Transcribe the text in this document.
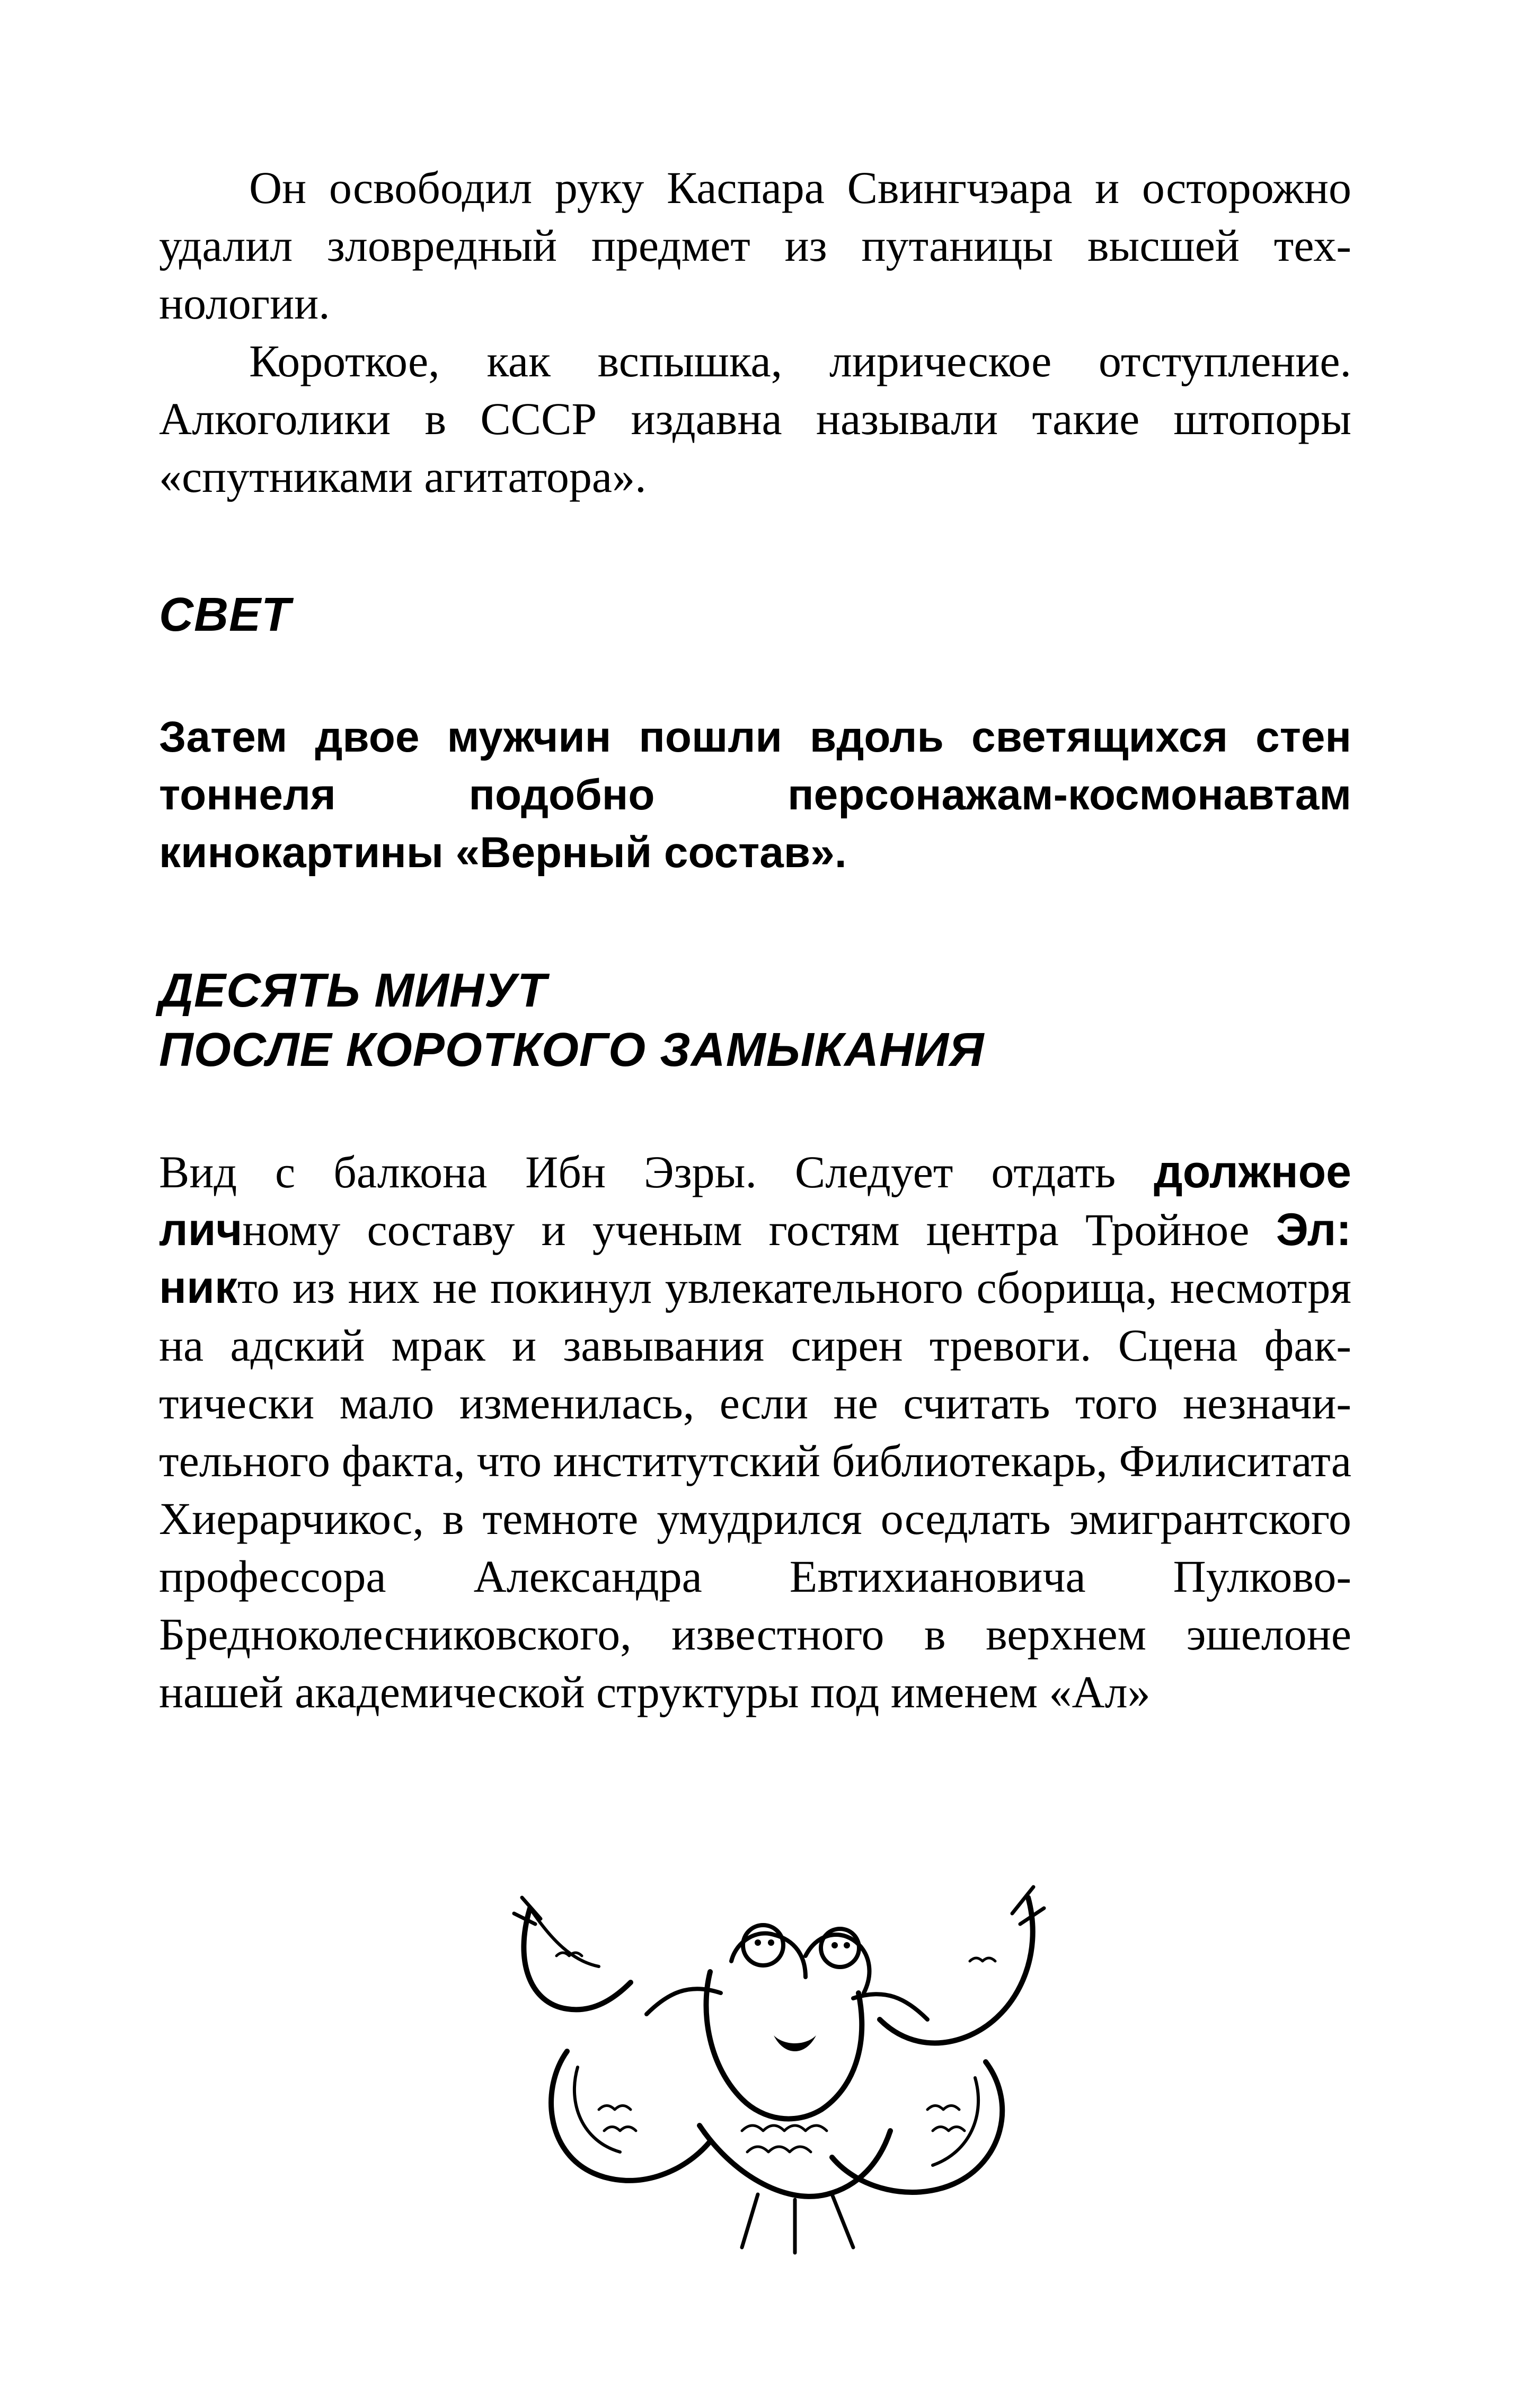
Он освободил руку Каспара Свингчэара и осторожно удалил зловредный предмет из путаницы высшей технологии.

Короткое, как вспышка, лирическое отступление. Алкоголики в СССР издавна называли такие штопоры «спутниками агитатора».

СВЕТ

Затем двое мужчин пошли вдоль светящихся стен тоннеля подобно персонажам-космонавтам кинокартины «Верный состав».

ДЕСЯТЬ МИНУТ
ПОСЛЕ КОРОТКОГО ЗАМЫКАНИЯ

Вид с балкона Ибн Эзры. Следует отдать должное личному составу и ученым гостям центра Тройное Эл: никто из них не покинул увлекательного сборища, несмотря на адский мрак и завывания сирен тревоги. Сцена фактически мало изменилась, если не считать того незначительного факта, что институтский библиотекарь, Филиситата Хиерарчикос, в темноте умудрился оседлать эмигрантского профессора Александра Евтихиановича Пулково-Бредноколесниковского, известного в верхнем эшелоне нашей академической структуры под именем «Ал»
